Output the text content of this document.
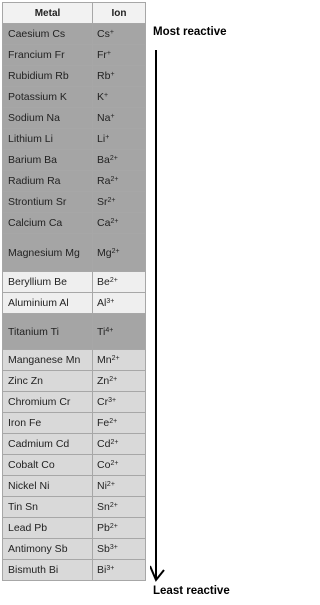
Metal	Ion
Caesium Cs	Cs+
Francium Fr	Fr+
Rubidium Rb	Rb+
Potassium K	K+
Sodium Na	Na+
Lithium Li	Li+
Barium Ba	$Ba^{2+}$
Radium Ra	$Ra^{2+}$
Strontium Sr	$Sr^{2+}$
Calcium Ca	$Ca^{2+}$
Magnesium Mg	$Mg^{2+}$
Beryllium Be	$Be^{2+}$
Aluminium Al	$Al^{3+}$
Titanium Ti	$Ti^{4+}$
Manganese Mn	$Mn^{2+}$
Zinc Zn	$Zn^{2+}$
Chromium Cr	$Cr^{3+}$
Iron Fe	$Fe^{2+}$
Cadmium Cd	$Cd^{2+}$
Cobalt Co	$Co^{2+}$
Nickel Ni	$Ni^{2+}$
Tin Sn	$Sn^{2+}$
Lead Pb	$Pb^{2+}$
Antimony Sb	$Sb^{3+}$
Bismuth Bi	$Bi^{3+}$
Most reactive
Least reactive
